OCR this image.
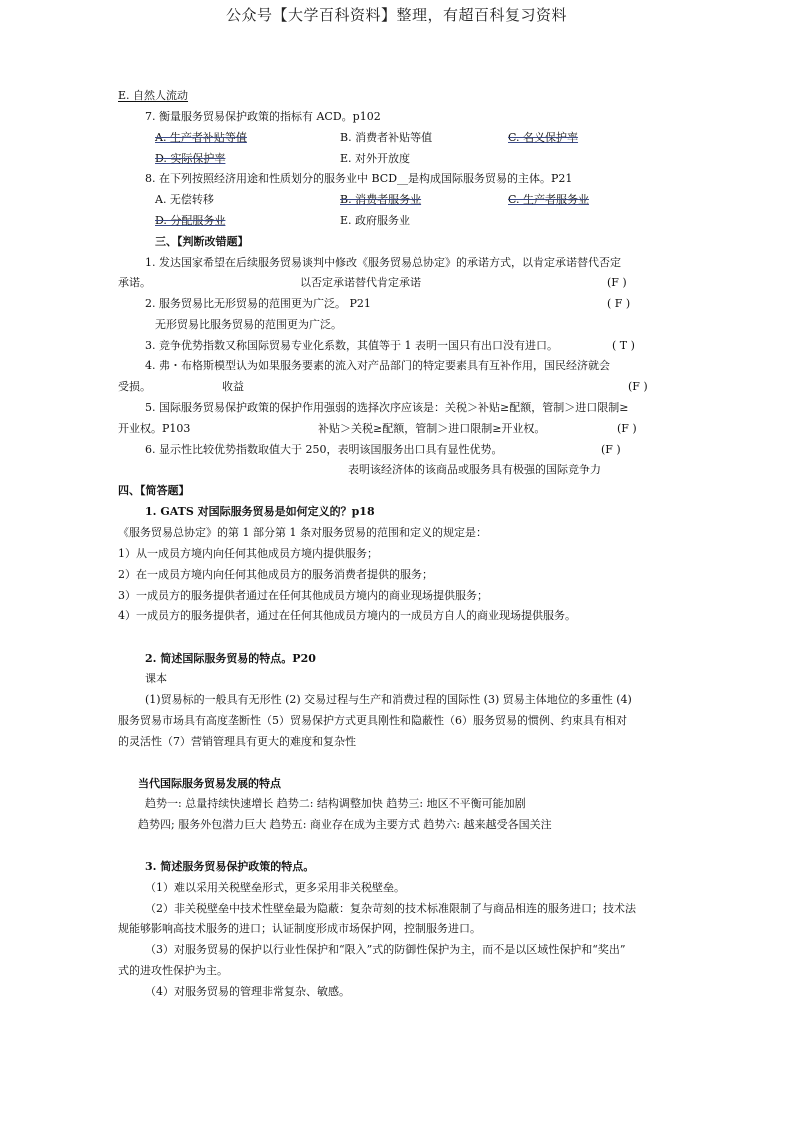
公众号【大学百科资料】整理，有超百科复习资料
E. 自然人流动
7. 衡量服务贸易保护政策的指标有 ACD。p102
A. 生产者补贴等值	B. 消费者补贴等值	C. 名义保护率
D. 实际保护率	E. 对外开放度
8. 在下列按照经济用途和性质划分的服务业中 BCD__是构成国际服务贸易的主体。P21
A. 无偿转移	B. 消费者服务业	C. 生产者服务业
D. 分配服务业	E. 政府服务业
三、【判断改错题】
1. 发达国家希望在后续服务贸易谈判中修改《服务贸易总协定》的承诺方式，以肯定承诺替代否定
承诺。	以否定承诺替代肯定承诺	(F )
2. 服务贸易比无形贸易的范围更为广泛。 P21	( F )
无形贸易比服务贸易的范围更为广泛。
3. 竞争优势指数又称国际贸易专业化系数，其值等于 1 表明一国只有出口没有进口。	( T )
4. 弗・布格斯模型认为如果服务要素的流入对产品部门的特定要素具有互补作用，国民经济就会
受损。	收益	(F )
5. 国际服务贸易保护政策的保护作用强弱的选择次序应该是：关税＞补贴≥配额，管制＞进口限制≥
开业权。P103	补贴＞关税≥配额，管制＞进口限制≥开业权。	(F )
6. 显示性比较优势指数取值大于 250，表明该国服务出口具有显性优势。	(F )
表明该经济体的该商品或服务具有极强的国际竞争力
四、【简答题】
1. GATS 对国际服务贸易是如何定义的？p18
《服务贸易总协定》的第 1 部分第 1 条对服务贸易的范围和定义的规定是：
1）从一成员方境内向任何其他成员方境内提供服务；
2）在一成员方境内向任何其他成员方的服务消费者提供的服务；
3）一成员方的服务提供者通过在任何其他成员方境内的商业现场提供服务；
4）一成员方的服务提供者，通过在任何其他成员方境内的一成员方自人的商业现场提供服务。
2. 简述国际服务贸易的特点。P20
课本
(1)贸易标的一般具有无形性 (2) 交易过程与生产和消费过程的国际性 (3) 贸易主体地位的多重性 (4)
服务贸易市场具有高度垄断性（5）贸易保护方式更具刚性和隐蔽性（6）服务贸易的惯例、约束具有相对
的灵活性（7）营销管理具有更大的难度和复杂性
当代国际服务贸易发展的特点
趋势一: 总量持续快速增长 趋势二: 结构调整加快 趋势三: 地区不平衡可能加剧
趋势四; 服务外包潜力巨大 趋势五: 商业存在成为主要方式 趋势六: 越来越受各国关注
3. 简述服务贸易保护政策的特点。
（1）难以采用关税壁垒形式，更多采用非关税壁垒。
（2）非关税壁垒中技术性壁垒最为隐蔽：复杂苛刻的技术标准限制了与商品相连的服务进口；技术法
规能够影响高技术服务的进口；认证制度形成市场保护网，控制服务进口。
（3）对服务贸易的保护以行业性保护和“限入”式的防御性保护为主，而不是以区域性保护和“奖出”
式的进攻性保护为主。
（4）对服务贸易的管理非常复杂、敏感。
